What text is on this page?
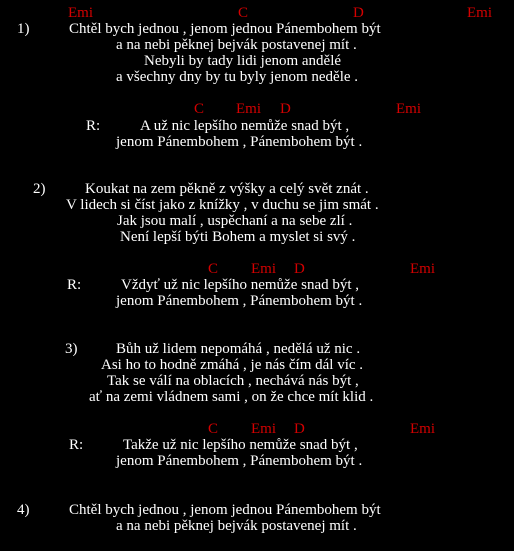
Emi	C	D	Emi
1)	Chtěl bych jednou , jenom jednou Pánembohem být
a na nebi pěknej bejvák postavenej mít .
Nebyli by tady lidi jenom andělé
a všechny dny by tu byly jenom neděle .
C Emi D	Emi
R:	A už nic lepšího nemůže snad být ,
jenom Pánembohem , Pánembohem být .
2)	Koukat na zem pěkně z výšky a celý svět znát .
V lidech si číst jako z knížky , v duchu se jim smát .
Jak jsou malí , uspěchaní a na sebe zlí .
Není lepší býti Bohem a myslet si svý .
C Emi D	Emi
R:	Vždyť už nic lepšího nemůže snad být ,
jenom Pánembohem , Pánembohem být .
3)	Bůh už lidem nepomáhá , nedělá už nic .
Asi ho to hodně zmáhá , je nás čím dál víc .
Tak se válí na oblacích , nechává nás být ,
ať na zemi vládnem sami , on že chce mít klid .
C Emi D	Emi
R:	Takže už nic lepšího nemůže snad být ,
jenom Pánembohem , Pánembohem být .
4)	Chtěl bych jednou , jenom jednou Pánembohem být
a na nebi pěknej bejvák postavenej mít .
